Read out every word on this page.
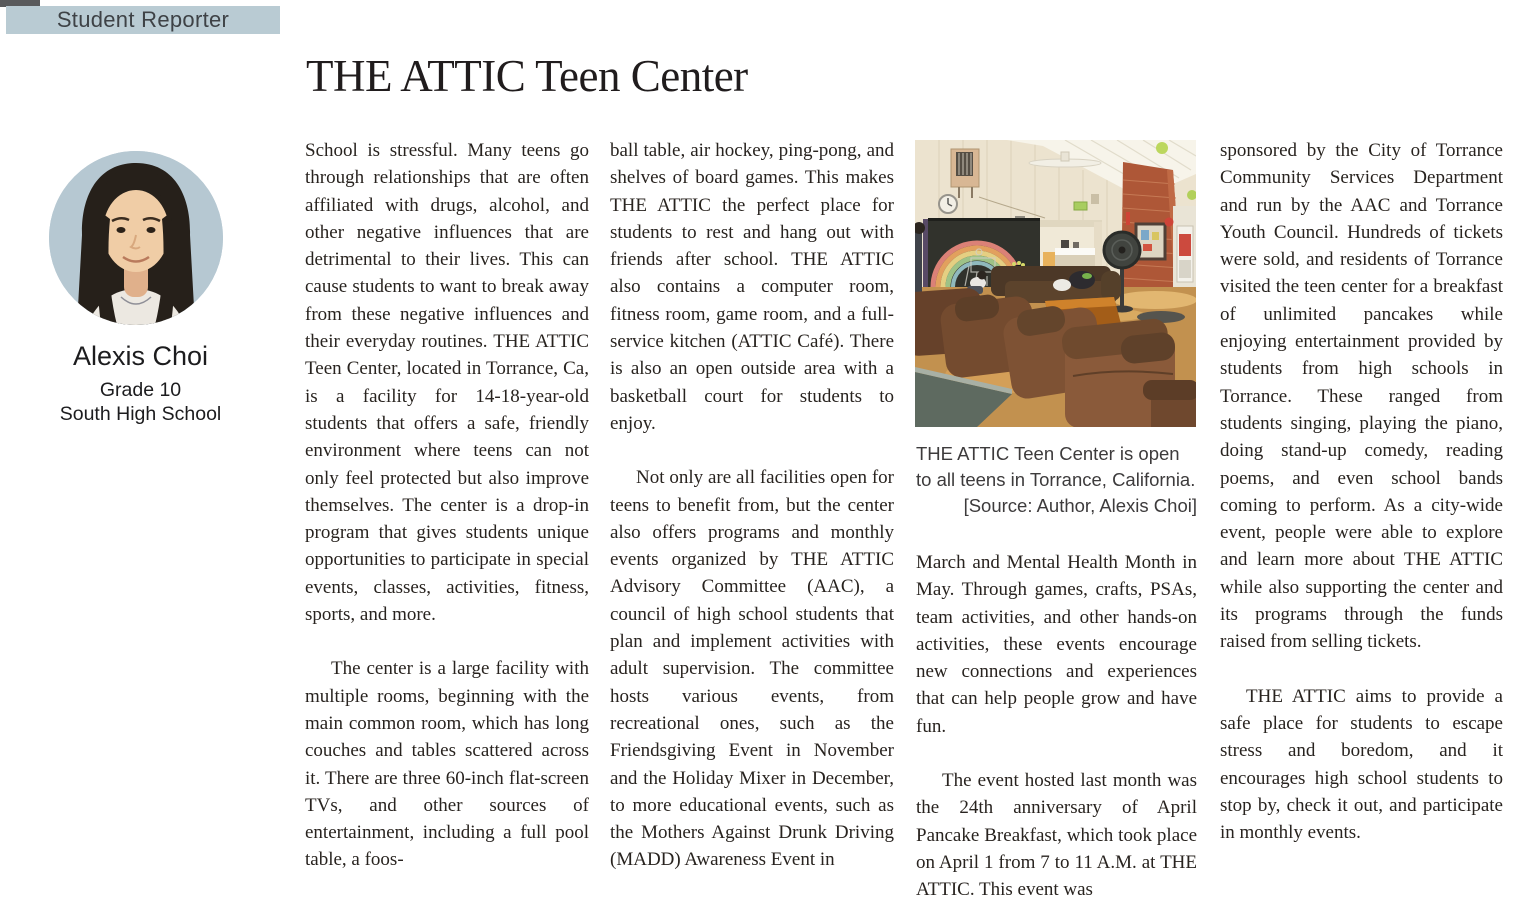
Student Reporter
THE ATTIC Teen Center
Alexis Choi
Grade 10
South High School

School is stressful. Many teens go through relationships that are often affiliated with drugs, alcohol, and other negative influences that are detrimental to their lives. This can cause students to want to break away from these negative influences and their everyday routines. THE ATTIC Teen Center, located in Torrance, Ca, is a facility for 14-18-year-old students that offers a safe, friendly environment where teens can not only feel protected but also improve themselves. The center is a drop-in program that gives students unique opportunities to participate in special events, classes, activities, fitness, sports, and more.

The center is a large facility with multiple rooms, beginning with the main common room, which has long couches and tables scattered across it. There are three 60-inch flat-screen TVs, and other sources of entertainment, including a full pool table, a foos-

ball table, air hockey, ping-pong, and shelves of board games. This makes THE ATTIC the perfect place for students to rest and hang out with friends after school. THE ATTIC also contains a computer room, fitness room, game room, and a full-service kitchen (ATTIC Café). There is also an open outside area with a basketball court for students to enjoy.

Not only are all facilities open for teens to benefit from, but the center also offers programs and monthly events organized by THE ATTIC Advisory Committee (AAC), a council of high school students that plan and implement activities with adult supervision. The committee hosts various events, from recreational ones, such as the Friendsgiving Event in November and the Holiday Mixer in December, to more educational events, such as the Mothers Against Drunk Driving (MADD) Awareness Event in

THE ATTIC Teen Center is open to all teens in Torrance, California.
[Source: Author, Alexis Choi]

March and Mental Health Month in May. Through games, crafts, PSAs, team activities, and other hands-on activities, these events encourage new connections and experiences that can help people grow and have fun.

The event hosted last month was the 24th anniversary of April Pancake Breakfast, which took place on April 1 from 7 to 11 A.M. at THE ATTIC. This event was

sponsored by the City of Torrance Community Services Department and run by the AAC and Torrance Youth Council. Hundreds of tickets were sold, and residents of Torrance visited the teen center for a breakfast of unlimited pancakes while enjoying entertainment provided by students from high schools in Torrance. These ranged from students singing, playing the piano, doing stand-up comedy, reading poems, and even school bands coming to perform. As a city-wide event, people were able to explore and learn more about THE ATTIC while also supporting the center and its programs through the funds raised from selling tickets.

THE ATTIC aims to provide a safe place for students to escape stress and boredom, and it encourages high school students to stop by, check it out, and participate in monthly events.
